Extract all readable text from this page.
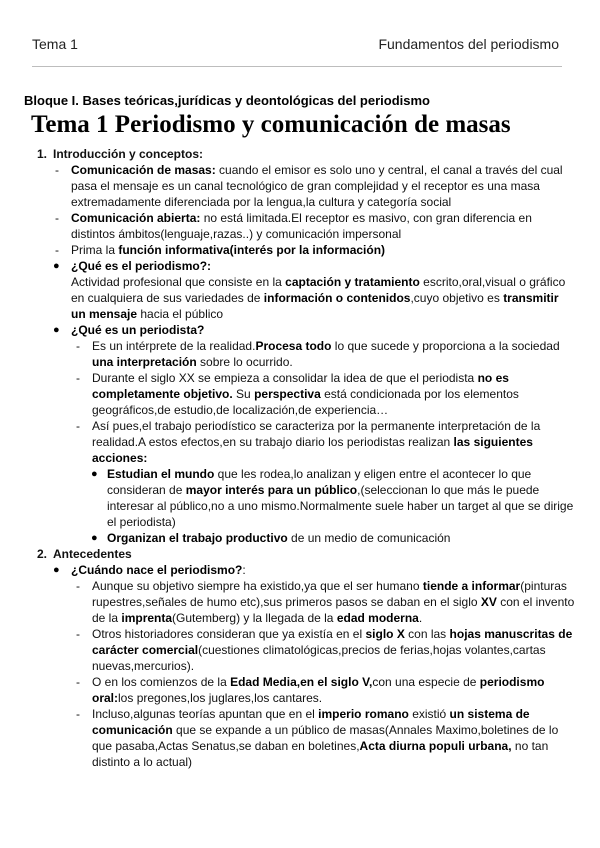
Tema 1	Fundamentos del periodismo
Bloque I. Bases teóricas,jurídicas y deontológicas del periodismo
Tema 1 Periodismo y comunicación de masas
1. Introducción y conceptos:
- Comunicación de masas: cuando el emisor es solo uno y central, el canal a través del cual
pasa el mensaje es un canal tecnológico de gran complejidad y el receptor es una masa
extremadamente diferenciada por la lengua,la cultura y categoría social
- Comunicación abierta: no está limitada.El receptor es masivo, con gran diferencia en
distintos ámbitos(lenguaje,razas..) y comunicación impersonal
- Prima la función informativa(interés por la información)
● ¿Qué es el periodismo?:
Actividad profesional que consiste en la captación y tratamiento escrito,oral,visual o gráfico
en cualquiera de sus variedades de información o contenidos,cuyo objetivo es transmitir
un mensaje hacia el público
● ¿Qué es un periodista?
- Es un intérprete de la realidad.Procesa todo lo que sucede y proporciona a la sociedad
una interpretación sobre lo ocurrido.
- Durante el siglo XX se empieza a consolidar la idea de que el periodista no es
completamente objetivo. Su perspectiva está condicionada por los elementos
geográficos,de estudio,de localización,de experiencia…
- Así pues,el trabajo periodístico se caracteriza por la permanente interpretación de la
realidad.A estos efectos,en su trabajo diario los periodistas realizan las siguientes
acciones:
● Estudian el mundo que les rodea,lo analizan y eligen entre el acontecer lo que
consideran de mayor interés para un público,(seleccionan lo que más le puede
interesar al público,no a uno mismo.Normalmente suele haber un target al que se dirige
el periodista)
● Organizan el trabajo productivo de un medio de comunicación
2. Antecedentes
● ¿Cuándo nace el periodismo?:
- Aunque su objetivo siempre ha existido,ya que el ser humano tiende a informar(pinturas
rupestres,señales de humo etc),sus primeros pasos se daban en el siglo XV con el invento
de la imprenta(Gutemberg) y la llegada de la edad moderna.
- Otros historiadores consideran que ya existía en el siglo X con las hojas manuscritas de
carácter comercial(cuestiones climatológicas,precios de ferias,hojas volantes,cartas
nuevas,mercurios).
- O en los comienzos de la Edad Media,en el siglo V,con una especie de periodismo
oral:los pregones,los juglares,los cantares.
- Incluso,algunas teorías apuntan que en el imperio romano existió un sistema de
comunicación que se expande a un público de masas(Annales Maximo,boletines de lo
que pasaba,Actas Senatus,se daban en boletines,Acta diurna populi urbana, no tan
distinto a lo actual)
